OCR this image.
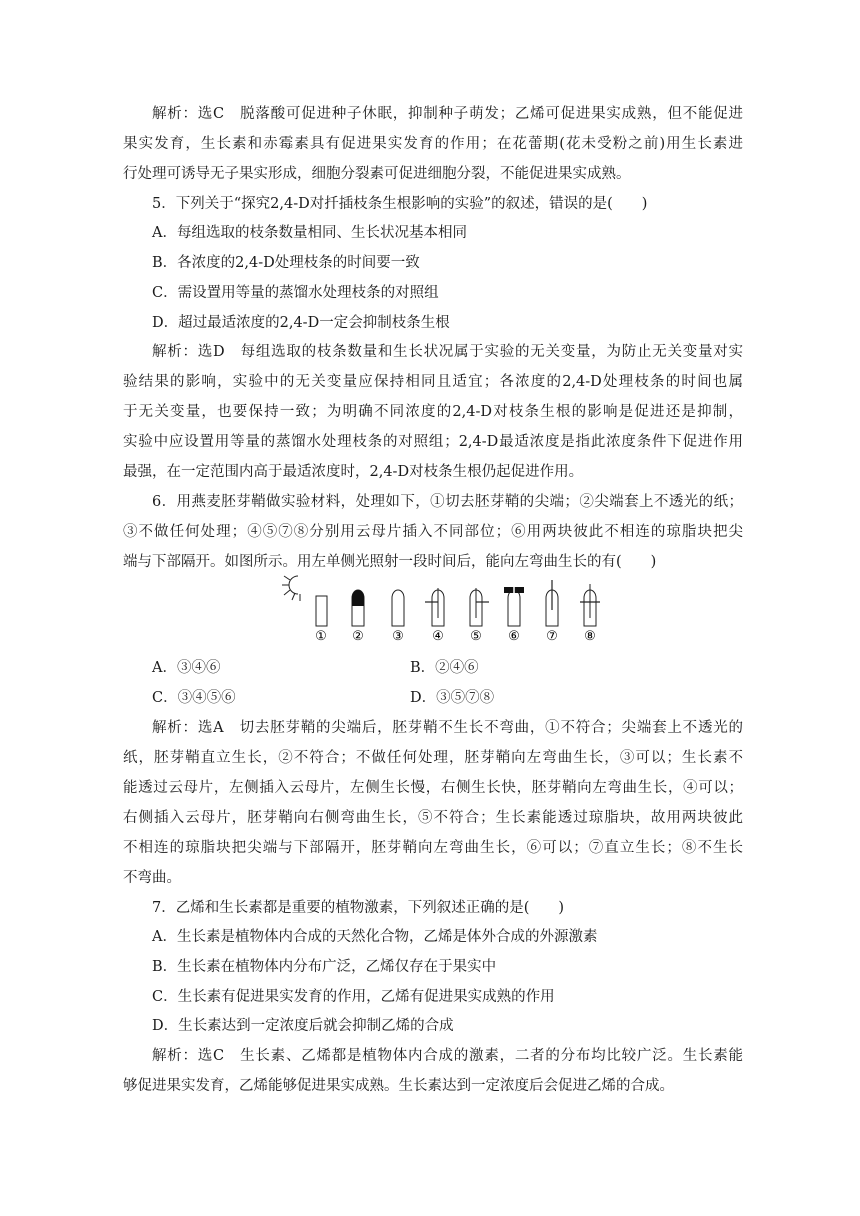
解析：选C　脱落酸可促进种子休眠，抑制种子萌发；乙烯可促进果实成熟，但不能促进
果实发育，生长素和赤霉素具有促进果实发育的作用；在花蕾期(花未受粉之前)用生长素进
行处理可诱导无子果实形成，细胞分裂素可促进细胞分裂，不能促进果实成熟。
5．下列关于“探究2,4-D对扦插枝条生根影响的实验”的叙述，错误的是(　　)
A．每组选取的枝条数量相同、生长状况基本相同
B．各浓度的2,4-D处理枝条的时间要一致
C．需设置用等量的蒸馏水处理枝条的对照组
D．超过最适浓度的2,4-D一定会抑制枝条生根
解析：选D　每组选取的枝条数量和生长状况属于实验的无关变量，为防止无关变量对实
验结果的影响，实验中的无关变量应保持相同且适宜；各浓度的2,4-D处理枝条的时间也属
于无关变量，也要保持一致；为明确不同浓度的2,4-D对枝条生根的影响是促进还是抑制，
实验中应设置用等量的蒸馏水处理枝条的对照组；2,4-D最适浓度是指此浓度条件下促进作用
最强，在一定范围内高于最适浓度时，2,4-D对枝条生根仍起促进作用。
6．用燕麦胚芽鞘做实验材料，处理如下，①切去胚芽鞘的尖端；②尖端套上不透光的纸；
③不做任何处理；④⑤⑦⑧分别用云母片插入不同部位；⑥用两块彼此不相连的琼脂块把尖
端与下部隔开。如图所示。用左单侧光照射一段时间后，能向左弯曲生长的有(　　)
① ② ③ ④ ⑤ ⑥ ⑦ ⑧
A．③④⑥	B．②④⑥
C．③④⑤⑥	D．③⑤⑦⑧
解析：选A　切去胚芽鞘的尖端后，胚芽鞘不生长不弯曲，①不符合；尖端套上不透光的
纸，胚芽鞘直立生长，②不符合；不做任何处理，胚芽鞘向左弯曲生长，③可以；生长素不
能透过云母片，左侧插入云母片，左侧生长慢，右侧生长快，胚芽鞘向左弯曲生长，④可以；
右侧插入云母片，胚芽鞘向右侧弯曲生长，⑤不符合；生长素能透过琼脂块，故用两块彼此
不相连的琼脂块把尖端与下部隔开，胚芽鞘向左弯曲生长，⑥可以；⑦直立生长；⑧不生长
不弯曲。
7．乙烯和生长素都是重要的植物激素，下列叙述正确的是(　　)
A．生长素是植物体内合成的天然化合物，乙烯是体外合成的外源激素
B．生长素在植物体内分布广泛，乙烯仅存在于果实中
C．生长素有促进果实发育的作用，乙烯有促进果实成熟的作用
D．生长素达到一定浓度后就会抑制乙烯的合成
解析：选C　生长素、乙烯都是植物体内合成的激素，二者的分布均比较广泛。生长素能
够促进果实发育，乙烯能够促进果实成熟。生长素达到一定浓度后会促进乙烯的合成。
